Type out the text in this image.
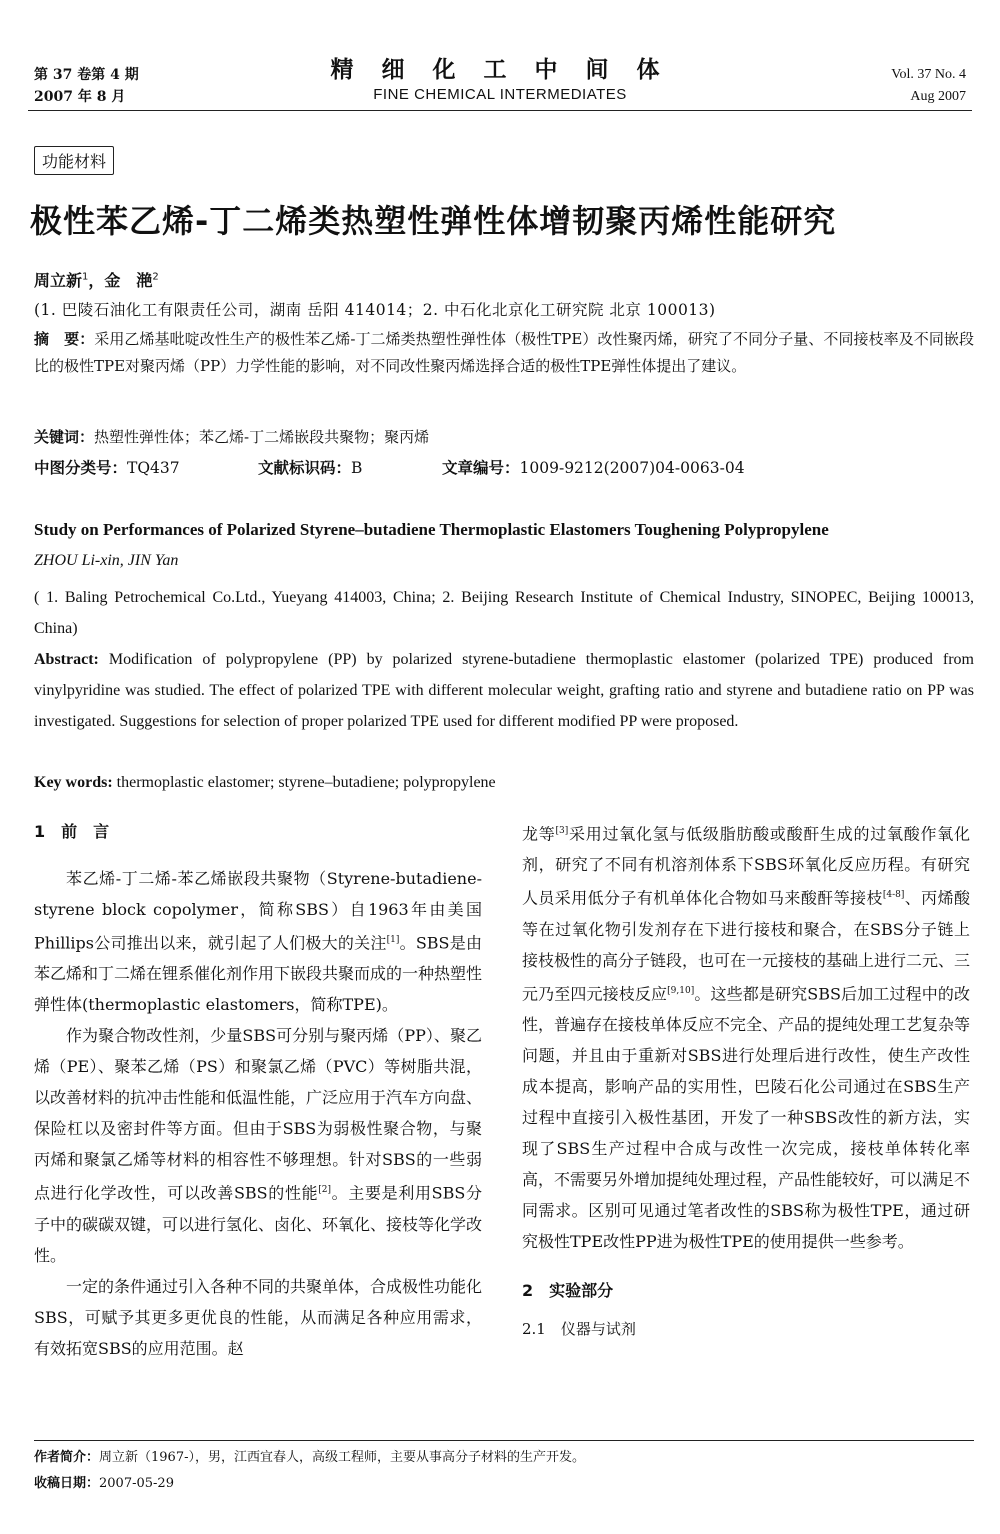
第 37 卷第 4 期
2007 年 8 月
精 细 化 工 中 间 体
FINE CHEMICAL INTERMEDIATES
Vol. 37 No. 4
Aug 2007
功能材料
极性苯乙烯-丁二烯类热塑性弹性体增韧聚丙烯性能研究
周立新$^1$，金　滟$^2$
(1. 巴陵石油化工有限责任公司，湖南 岳阳 414014；2. 中石化北京化工研究院 北京 100013)
摘　要：采用乙烯基吡啶改性生产的极性苯乙烯-丁二烯类热塑性弹性体（极性TPE）改性聚丙烯，研究了不同分子量、不同接枝率及不同嵌段比的极性TPE对聚丙烯（PP）力学性能的影响，对不同改性聚丙烯选择合适的极性TPE弹性体提出了建议。
关键词：热塑性弹性体；苯乙烯-丁二烯嵌段共聚物；聚丙烯
中图分类号：TQ437	文献标识码：B	文章编号：1009-9212(2007)04-0063-04
Study on Performances of Polarized Styrene–butadiene Thermoplastic Elastomers Toughening Polypropylene
ZHOU Li-xin, JIN Yan
( 1. Baling Petrochemical Co.Ltd., Yueyang 414003, China; 2. Beijing Research Institute of Chemical Industry, SINOPEC, Beijing 100013, China)
Abstract: Modification of polypropylene (PP) by polarized styrene-butadiene thermoplastic elastomer (polarized TPE) produced from vinylpyridine was studied. The effect of polarized TPE with different molecular weight, grafting ratio and styrene and butadiene ratio on PP was investigated. Suggestions for selection of proper polarized TPE used for different modified PP were proposed.
Key words: thermoplastic elastomer; styrene–butadiene; polypropylene

1　前　言

苯乙烯-丁二烯-苯乙烯嵌段共聚物（Styrene-butadiene-styrene block copolymer，简称SBS）自1963年由美国Phillips公司推出以来，就引起了人们极大的关注[1]。SBS是由苯乙烯和丁二烯在锂系催化剂作用下嵌段共聚而成的一种热塑性弹性体(thermoplastic elastomers，简称TPE)。

作为聚合物改性剂，少量SBS可分别与聚丙烯（PP）、聚乙烯（PE）、聚苯乙烯（PS）和聚氯乙烯（PVC）等树脂共混，以改善材料的抗冲击性能和低温性能，广泛应用于汽车方向盘、保险杠以及密封件等方面。但由于SBS为弱极性聚合物，与聚丙烯和聚氯乙烯等材料的相容性不够理想。针对SBS的一些弱点进行化学改性，可以改善SBS的性能[2]。主要是利用SBS分子中的碳碳双键，可以进行氢化、卤化、环氧化、接枝等化学改性。

一定的条件通过引入各种不同的共聚单体，合成极性功能化SBS，可赋予其更多更优良的性能，从而满足各种应用需求，有效拓宽SBS的应用范围。赵

龙等[3]采用过氧化氢与低级脂肪酸或酸酐生成的过氧酸作氧化剂，研究了不同有机溶剂体系下SBS环氧化反应历程。有研究人员采用低分子有机单体化合物如马来酸酐等接枝[4-8]、丙烯酸等在过氧化物引发剂存在下进行接枝和聚合，在SBS分子链上接枝极性的高分子链段，也可在一元接枝的基础上进行二元、三元乃至四元接枝反应[9,10]。这些都是研究SBS后加工过程中的改性，普遍存在接枝单体反应不完全、产品的提纯处理工艺复杂等问题，并且由于重新对SBS进行处理后进行改性，使生产改性成本提高，影响产品的实用性，巴陵石化公司通过在SBS生产过程中直接引入极性基团，开发了一种SBS改性的新方法，实现了SBS生产过程中合成与改性一次完成，接枝单体转化率高，不需要另外增加提纯处理过程，产品性能较好，可以满足不同需求。区别可见通过笔者改性的SBS称为极性TPE，通过研究极性TPE改性PP进为极性TPE的使用提供一些参考。

2　实验部分

2.1　仪器与试剂

作者简介：周立新（1967-），男，江西宜春人，高级工程师，主要从事高分子材料的生产开发。
收稿日期：2007-05-29
